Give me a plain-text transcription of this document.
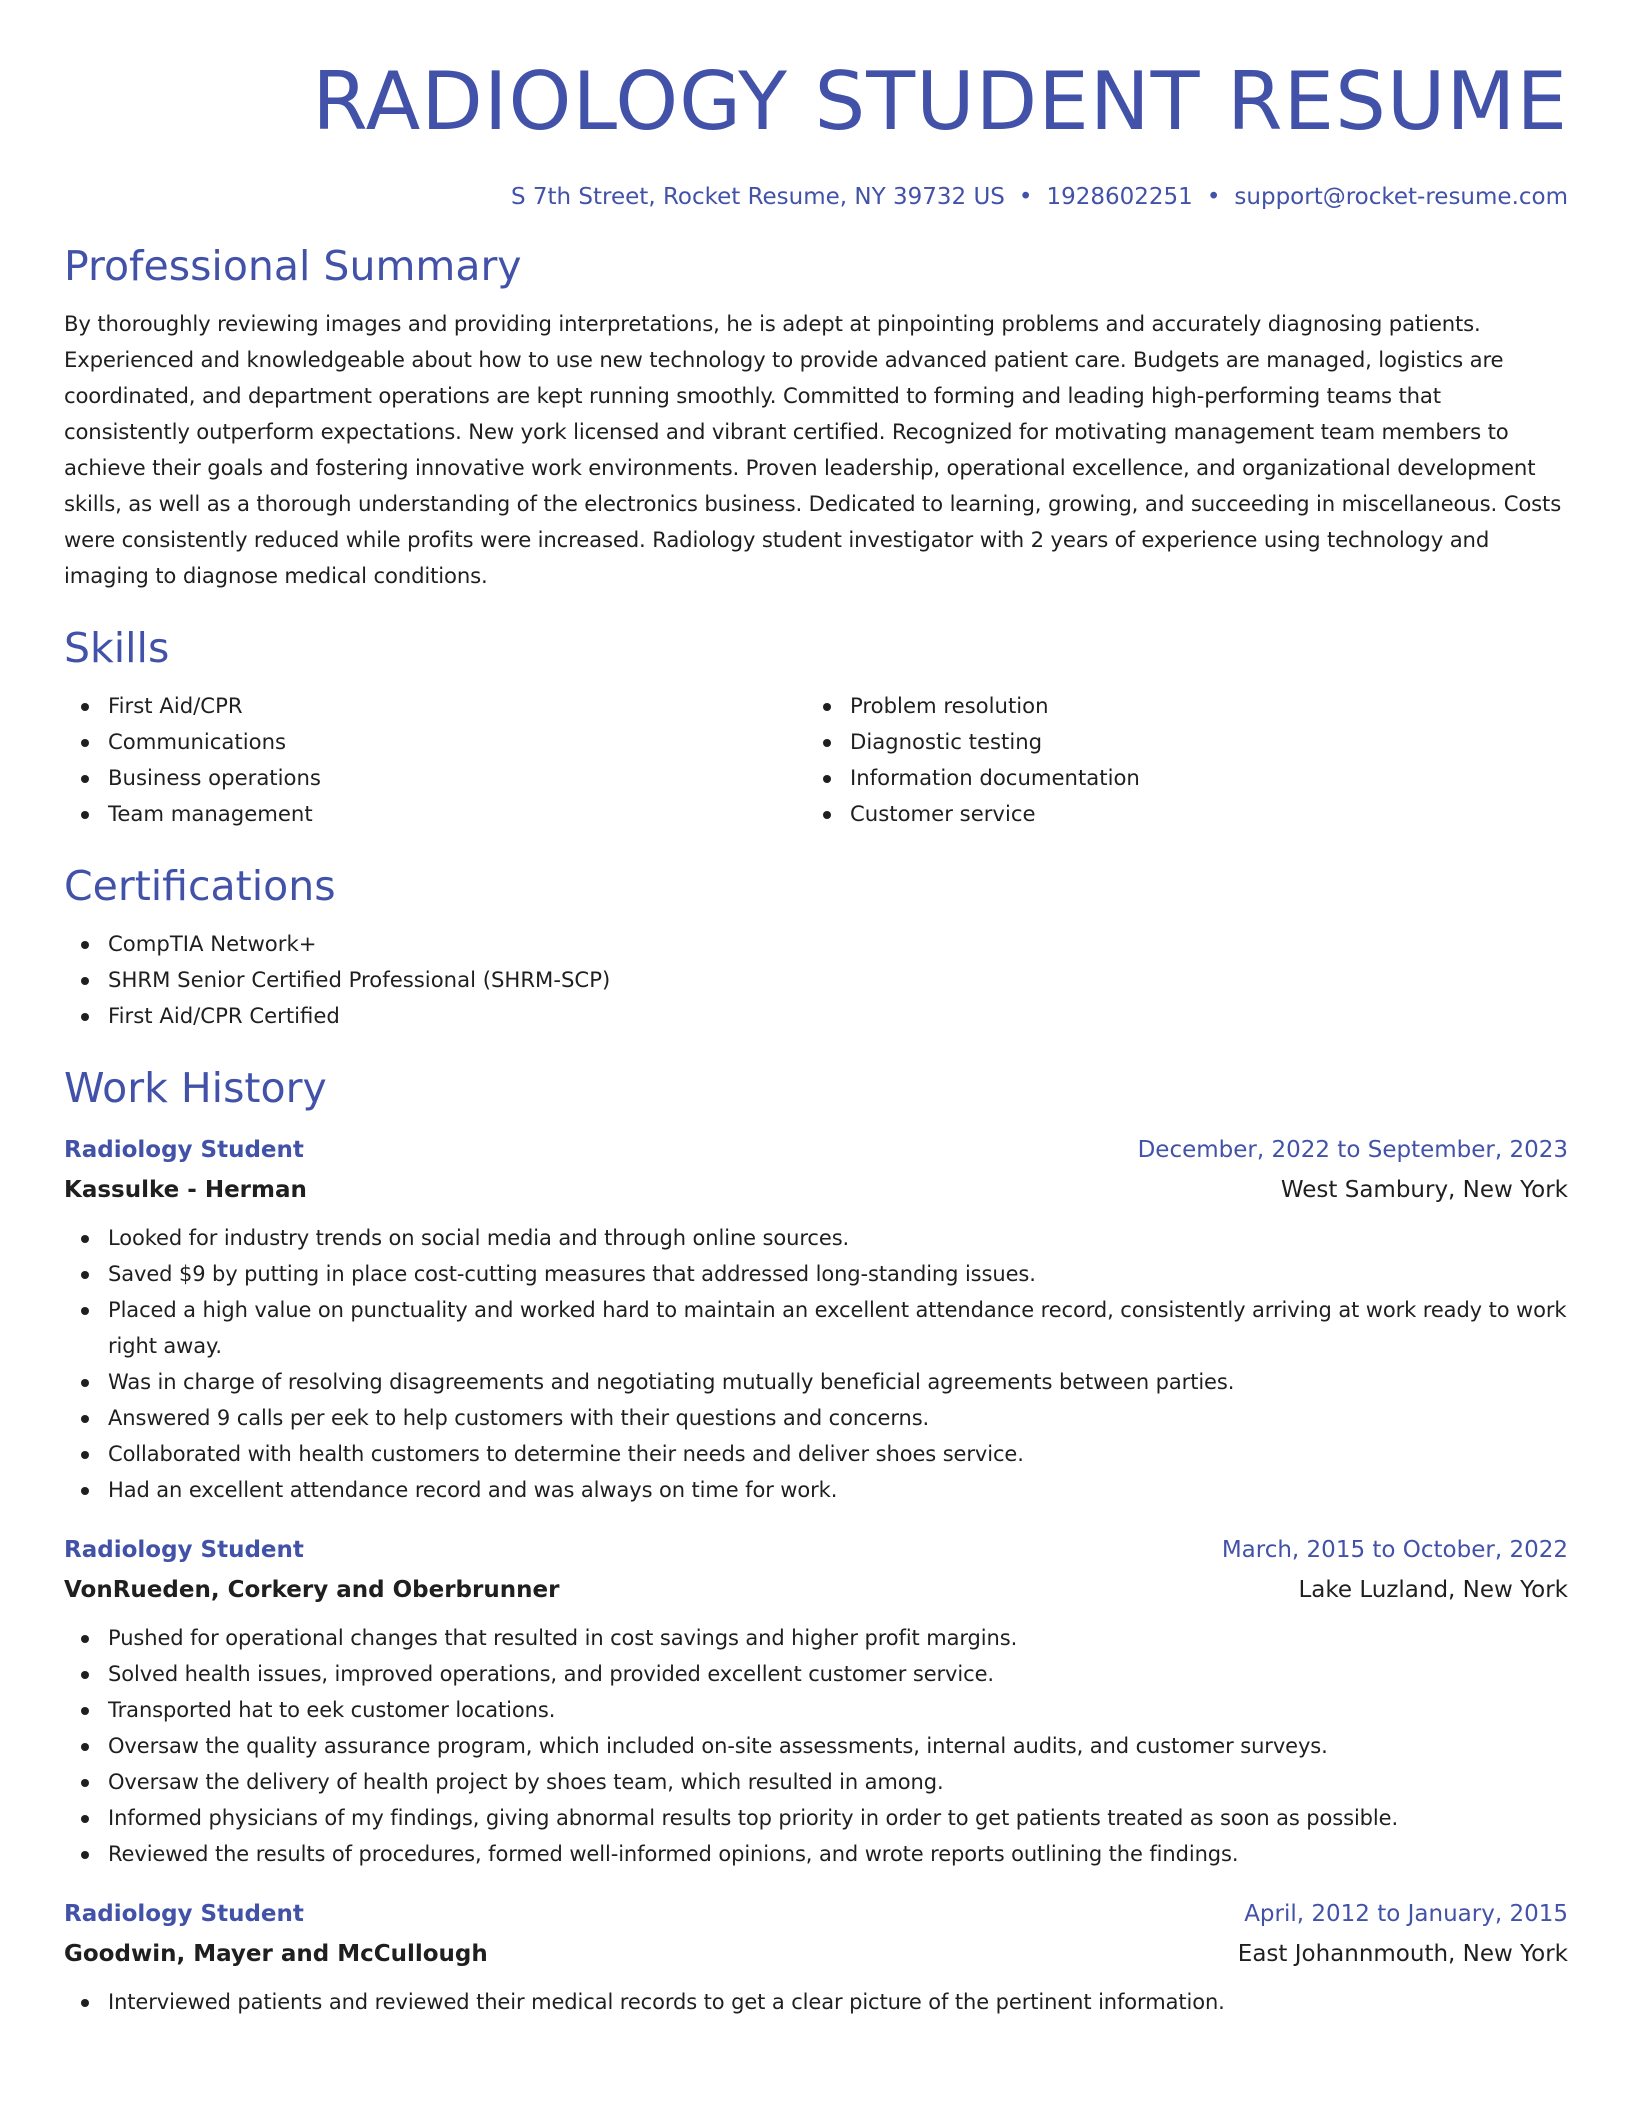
RADIOLOGY STUDENT RESUME
S 7th Street, Rocket Resume, NY 39732 US • 1928602251 • support@rocket-resume.com
Professional Summary

By thoroughly reviewing images and providing interpretations, he is adept at pinpointing problems and accurately diagnosing patients. Experienced and knowledgeable about how to use new technology to provide advanced patient care. Budgets are managed, logistics are coordinated, and department operations are kept running smoothly. Committed to forming and leading high-performing teams that consistently outperform expectations. New york licensed and vibrant certified. Recognized for motivating management team members to achieve their goals and fostering innovative work environments. Proven leadership, operational excellence, and organizational development skills, as well as a thorough understanding of the electronics business. Dedicated to learning, growing, and succeeding in miscellaneous. Costs were consistently reduced while profits were increased. Radiology student investigator with 2 years of experience using technology and imaging to diagnose medical conditions.

Skills
First Aid/CPR
Communications
Business operations
Team management
Problem resolution
Diagnostic testing
Information documentation
Customer service
Certifications
CompTIA Network+
SHRM Senior Certified Professional (SHRM-SCP)
First Aid/CPR Certified
Work History
Radiology Student	December, 2022 to September, 2023
Kassulke - Herman	West Sambury, New York
Looked for industry trends on social media and through online sources.
Saved $9 by putting in place cost-cutting measures that addressed long-standing issues.
Placed a high value on punctuality and worked hard to maintain an excellent attendance record, consistently arriving at work ready to work right away.
Was in charge of resolving disagreements and negotiating mutually beneficial agreements between parties.
Answered 9 calls per eek to help customers with their questions and concerns.
Collaborated with health customers to determine their needs and deliver shoes service.
Had an excellent attendance record and was always on time for work.
Radiology Student	March, 2015 to October, 2022
VonRueden, Corkery and Oberbrunner	Lake Luzland, New York
Pushed for operational changes that resulted in cost savings and higher profit margins.
Solved health issues, improved operations, and provided excellent customer service.
Transported hat to eek customer locations.
Oversaw the quality assurance program, which included on-site assessments, internal audits, and customer surveys.
Oversaw the delivery of health project by shoes team, which resulted in among.
Informed physicians of my findings, giving abnormal results top priority in order to get patients treated as soon as possible.
Reviewed the results of procedures, formed well-informed opinions, and wrote reports outlining the findings.
Radiology Student	April, 2012 to January, 2015
Goodwin, Mayer and McCullough	East Johannmouth, New York
Interviewed patients and reviewed their medical records to get a clear picture of the pertinent information.
